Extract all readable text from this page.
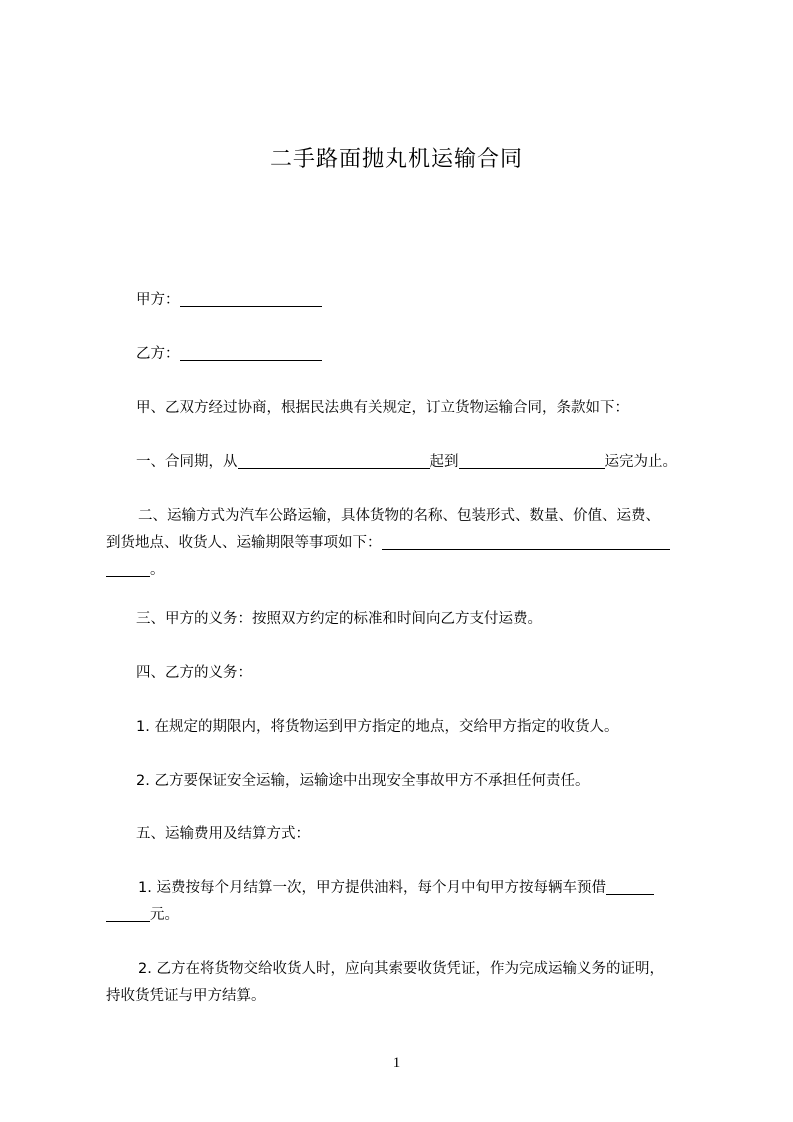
二手路面抛丸机运输合同
甲方：
乙方：
甲、乙双方经过协商，根据民法典有关规定，订立货物运输合同，条款如下：
一、合同期，从	起到	运完为止。
二、运输方式为汽车公路运输，具体货物的名称、包装形式、数量、价值、运费、
到货地点、收货人、运输期限等事项如下：
。
三、甲方的义务：按照双方约定的标准和时间向乙方支付运费。
四、乙方的义务：
1. 在规定的期限内，将货物运到甲方指定的地点，交给甲方指定的收货人。
2. 乙方要保证安全运输，运输途中出现安全事故甲方不承担任何责任。
五、运输费用及结算方式：
1. 运费按每个月结算一次，甲方提供油料，每个月中旬甲方按每辆车预借
元。
2. 乙方在将货物交给收货人时，应向其索要收货凭证，作为完成运输义务的证明，
持收货凭证与甲方结算。
1
